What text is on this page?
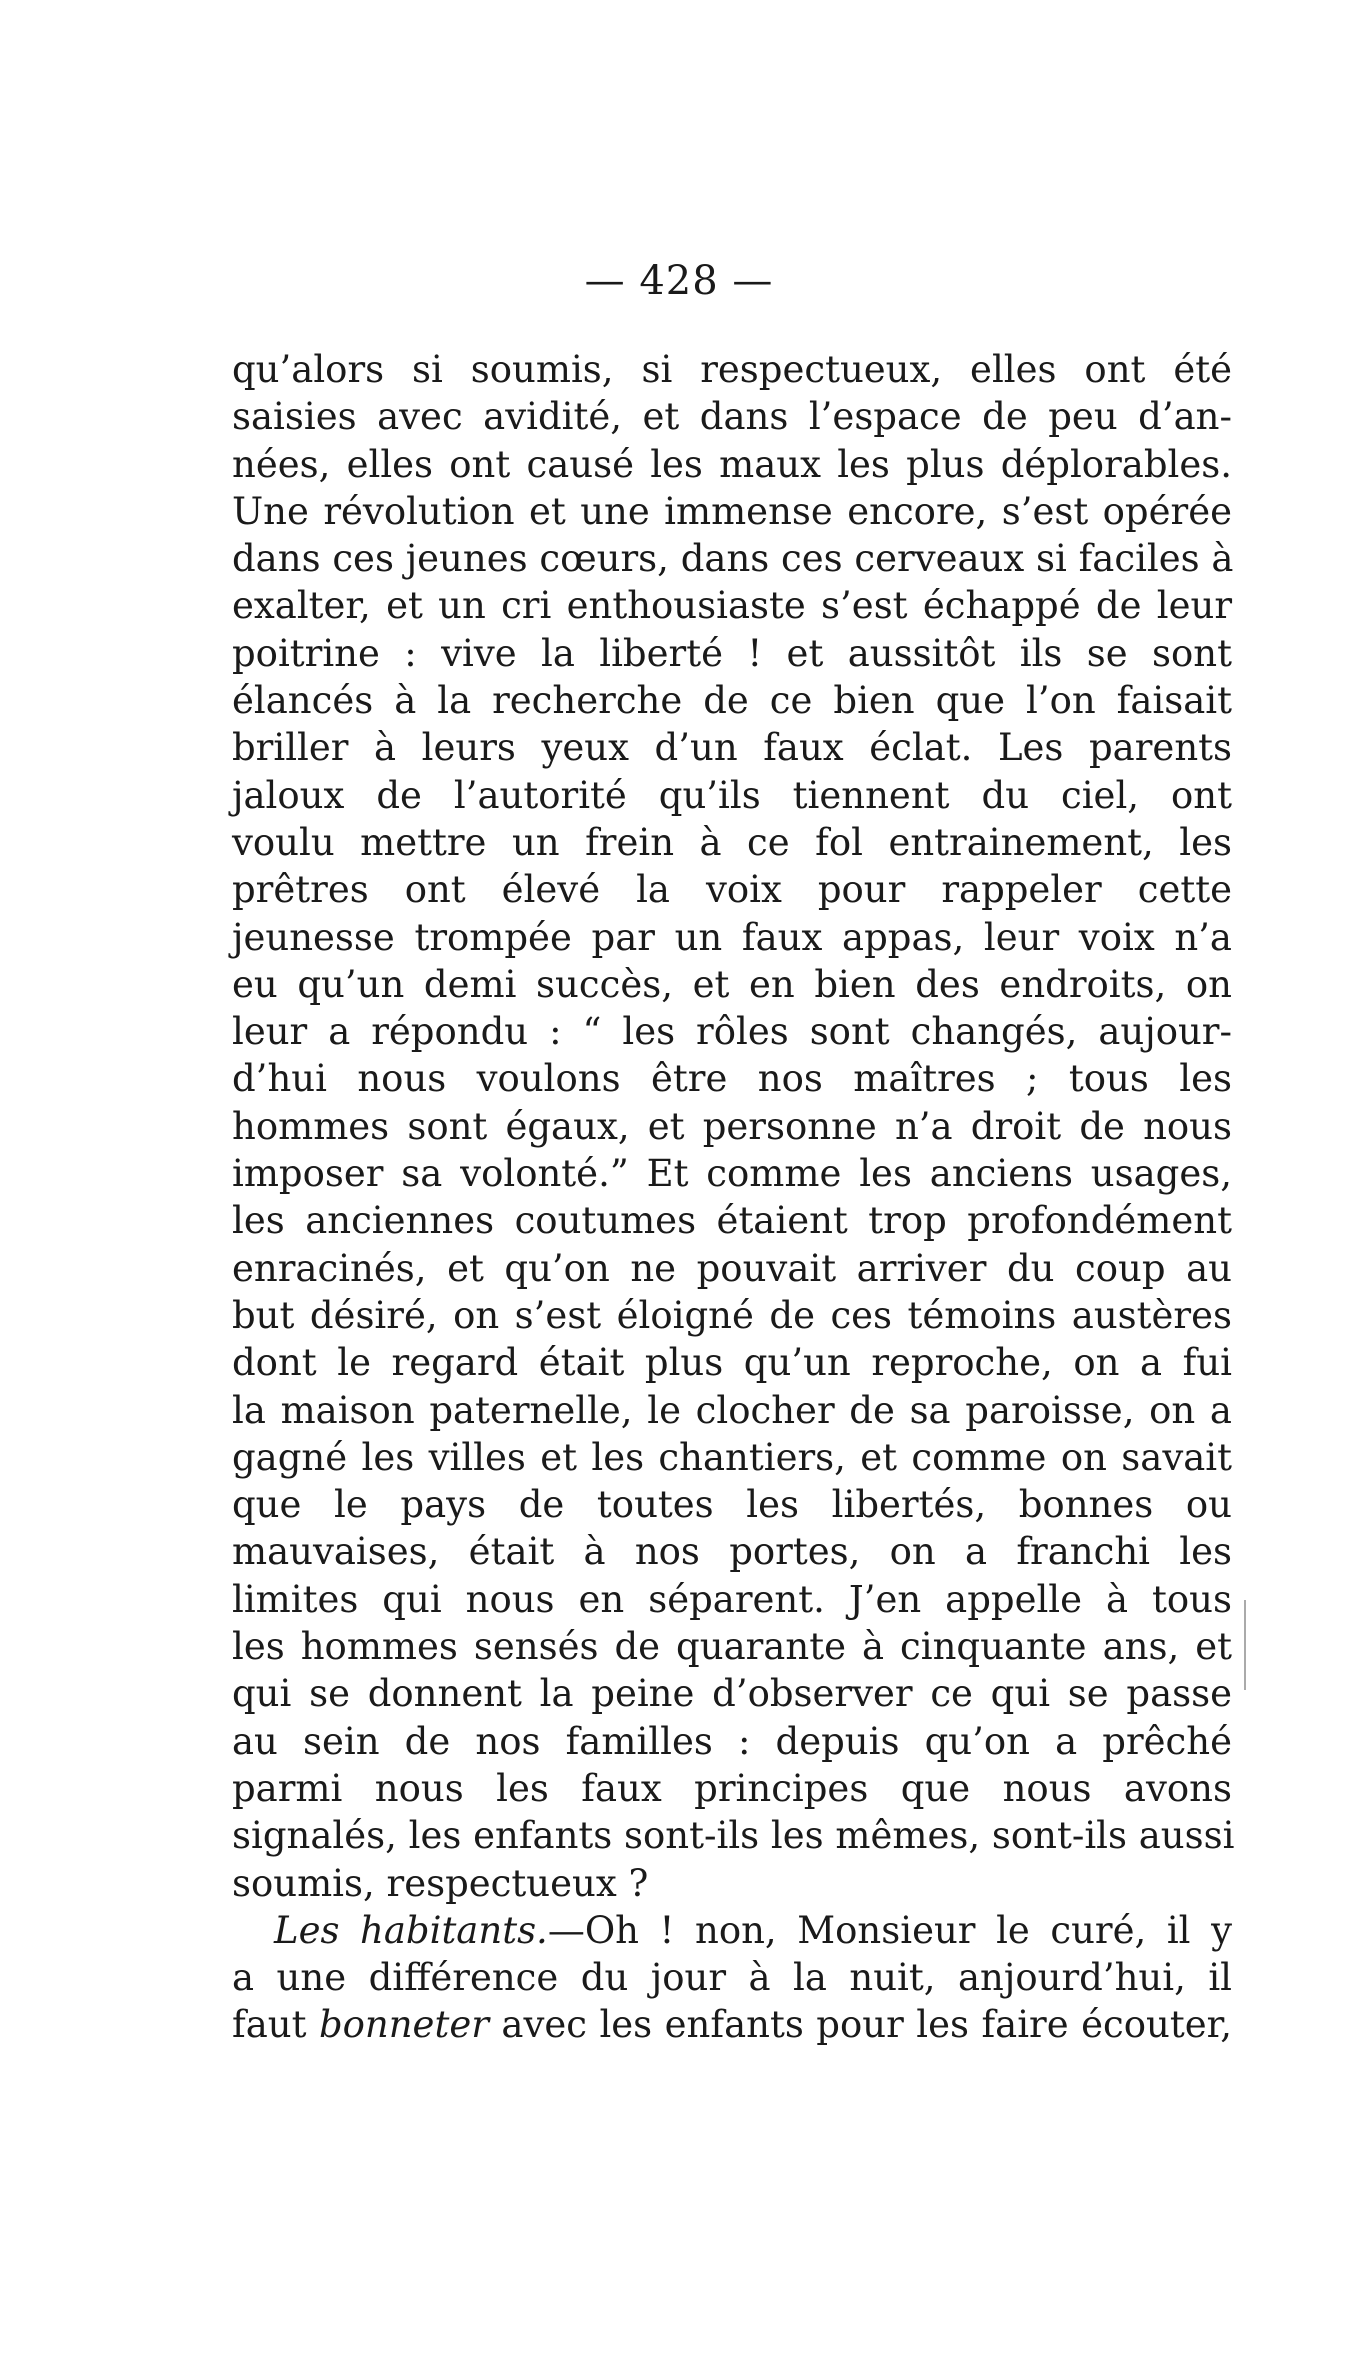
— 428 —
qu’alors si soumis, si respectueux, elles ont été
saisies avec avidité, et dans l’espace de peu d’an-
nées, elles ont causé les maux les plus déplorables.
Une révolution et une immense encore, s’est opérée
dans ces jeunes cœurs, dans ces cerveaux si faciles à
exalter, et un cri enthousiaste s’est échappé de leur
poitrine : vive la liberté ! et aussitôt ils se sont
élancés à la recherche de ce bien que l’on faisait
briller à leurs yeux d’un faux éclat. Les parents
jaloux de l’autorité qu’ils tiennent du ciel, ont
voulu mettre un frein à ce fol entrainement, les
prêtres ont élevé la voix pour rappeler cette
jeunesse trompée par un faux appas, leur voix n’a
eu qu’un demi succès, et en bien des endroits, on
leur a répondu : “ les rôles sont changés, aujour-
d’hui nous voulons être nos maîtres ; tous les
hommes sont égaux, et personne n’a droit de nous
imposer sa volonté.” Et comme les anciens usages,
les anciennes coutumes étaient trop profondément
enracinés, et qu’on ne pouvait arriver du coup au
but désiré, on s’est éloigné de ces témoins austères
dont le regard était plus qu’un reproche, on a fui
la maison paternelle, le clocher de sa paroisse, on a
gagné les villes et les chantiers, et comme on savait
que le pays de toutes les libertés, bonnes ou
mauvaises, était à nos portes, on a franchi les
limites qui nous en séparent. J’en appelle à tous
les hommes sensés de quarante à cinquante ans, et
qui se donnent la peine d’observer ce qui se passe
au sein de nos familles : depuis qu’on a prêché
parmi nous les faux principes que nous avons
signalés, les enfants sont-ils les mêmes, sont-ils aussi
soumis, respectueux ?
Les habitants.—Oh ! non, Monsieur le curé, il y
a une différence du jour à la nuit, anjourd’hui, il
faut bonneter avec les enfants pour les faire écouter,
